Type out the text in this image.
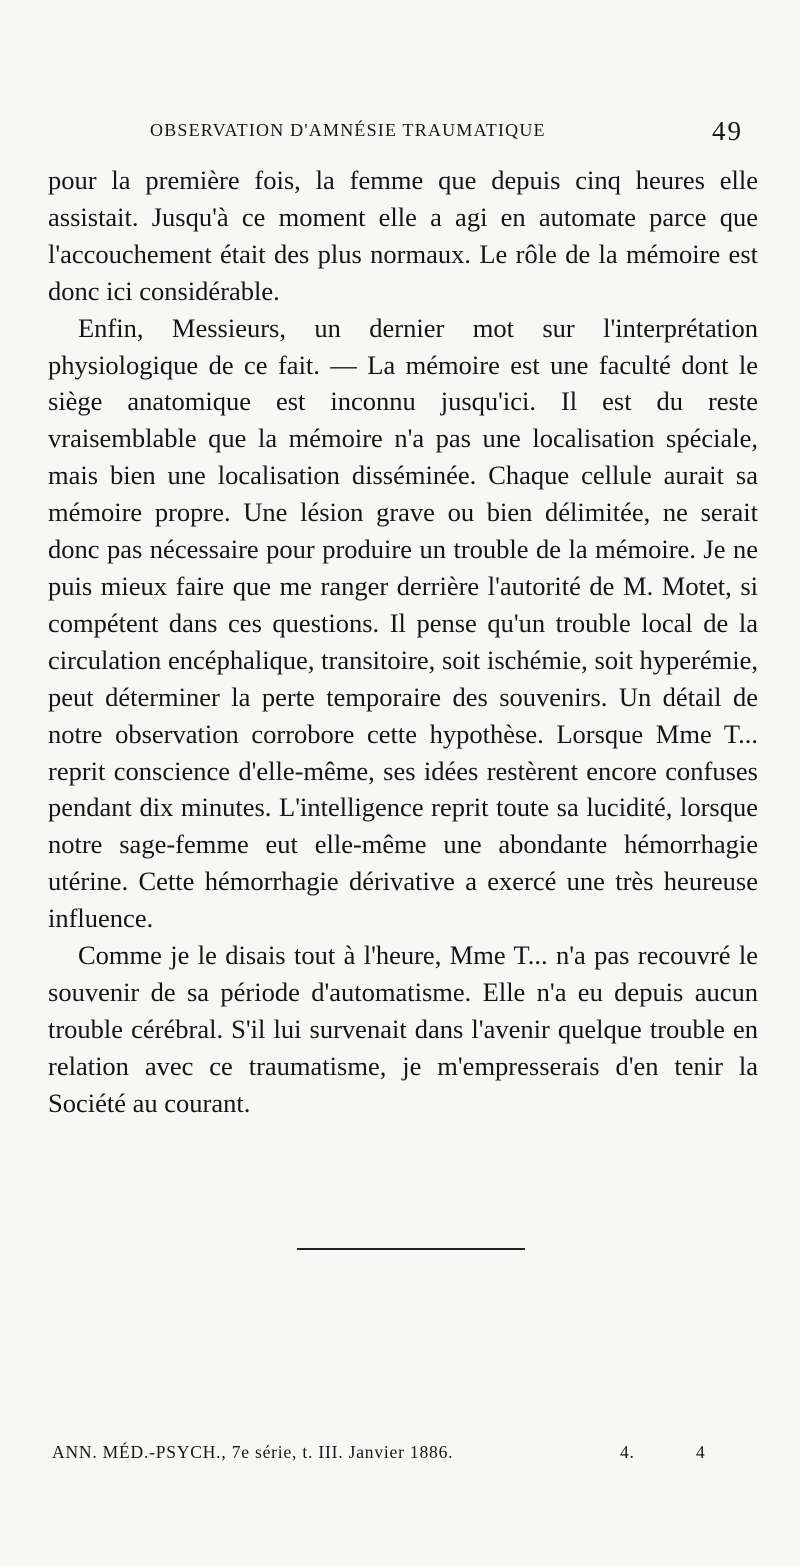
OBSERVATION D'AMNÉSIE TRAUMATIQUE	49

pour la première fois, la femme que depuis cinq heures elle assistait. Jusqu'à ce moment elle a agi en automate parce que l'accouchement était des plus normaux. Le rôle de la mémoire est donc ici considérable.

Enfin, Messieurs, un dernier mot sur l'interprétation physiologique de ce fait. — La mémoire est une faculté dont le siège anatomique est inconnu jusqu'ici. Il est du reste vraisemblable que la mémoire n'a pas une localisation spéciale, mais bien une localisation disséminée. Chaque cellule aurait sa mémoire propre. Une lésion grave ou bien délimitée, ne serait donc pas nécessaire pour produire un trouble de la mémoire. Je ne puis mieux faire que me ranger derrière l'autorité de M. Motet, si compétent dans ces questions. Il pense qu'un trouble local de la circulation encéphalique, transitoire, soit ischémie, soit hyperémie, peut déterminer la perte temporaire des souvenirs. Un détail de notre observation corrobore cette hypothèse. Lorsque Mme T... reprit conscience d'elle-même, ses idées restèrent encore confuses pendant dix minutes. L'intelligence reprit toute sa lucidité, lorsque notre sage-femme eut elle-même une abondante hémorrhagie utérine. Cette hémorrhagie dérivative a exercé une très heureuse influence.

Comme je le disais tout à l'heure, Mme T... n'a pas recouvré le souvenir de sa période d'automatisme. Elle n'a eu depuis aucun trouble cérébral. S'il lui survenait dans l'avenir quelque trouble en relation avec ce traumatisme, je m'empresserais d'en tenir la Société au courant.

ANN. MÉD.-PSYCH., 7e série, t. III. Janvier 1886.	4.	4
